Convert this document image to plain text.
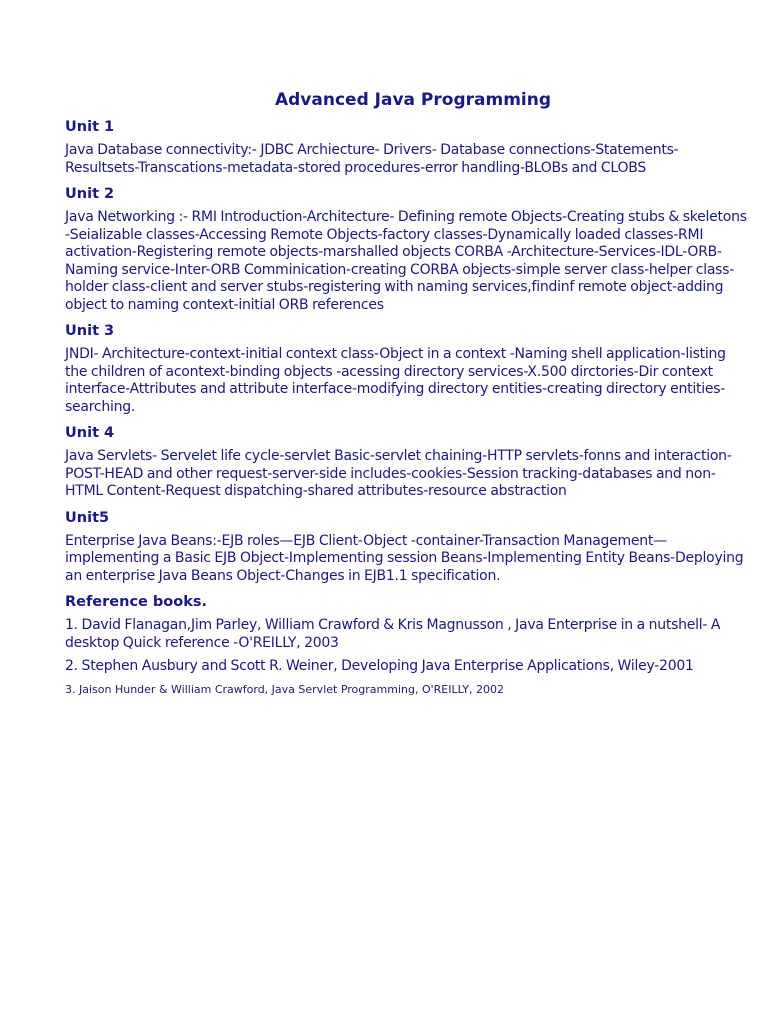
Advanced Java Programming
Unit 1
Java Database connectivity:- JDBC Archiecture- Drivers- Database connections-Statements-Resultsets-Transcations-metadata-stored procedures-error handling-BLOBs and CLOBS
Unit 2
Java Networking :- RMI Introduction-Architecture- Defining remote Objects-Creating stubs & skeletons -Seializable classes-Accessing Remote Objects-factory classes-Dynamically loaded classes-RMI activation-Registering remote objects-marshalled objects CORBA -Architecture-Services-IDL-ORB-Naming service-Inter-ORB Comminication-creating CORBA objects-simple server class-helper class-holder class-client and server stubs-registering with naming services,findinf remote object-adding object to naming context-initial ORB references
Unit 3
JNDI- Architecture-context-initial context class-Object in a context -Naming shell application-listing the children of acontext-binding objects -acessing directory services-X.500 dirctories-Dir context interface-Attributes and attribute interface-modifying directory entities-creating directory entities-searching.
Unit 4
Java Servlets- Servelet life cycle-servlet Basic-servlet chaining-HTTP servlets-fonns and interaction-POST-HEAD and other request-server-side includes-cookies-Session tracking-databases and non-HTML Content-Request dispatching-shared attributes-resource abstraction
Unit5
Enterprise Java Beans:-EJB roles—EJB Client-Object -container-Transaction Management—implementing a Basic EJB Object-Implementing session Beans-Implementing Entity Beans-Deploying an enterprise Java Beans Object-Changes in EJB1.1 specification.
Reference books.
1. David Flanagan,Jim Parley, William Crawford & Kris Magnusson , Java Enterprise in a nutshell- A desktop Quick reference -O'REILLY, 2003
2. Stephen Ausbury and Scott R. Weiner, Developing Java Enterprise Applications, Wiley-2001
3. Jaison Hunder & William Crawford, Java Servlet Programming, O'REILLY, 2002
